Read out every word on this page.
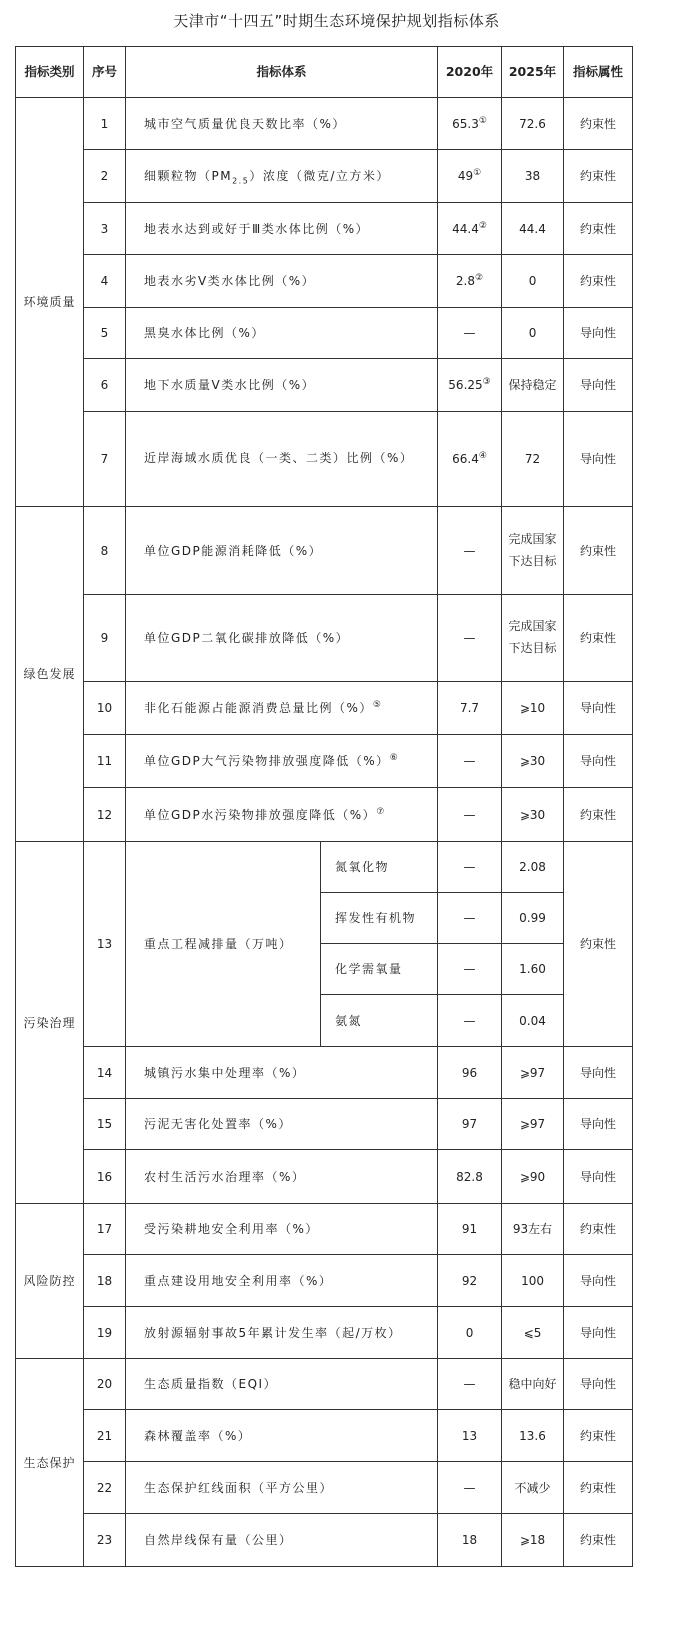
天津市“十四五”时期生态环境保护规划指标体系
指标类别	序号	指标体系		2020年	2025年	指标属性
环境质量	1	城市空气质量优良天数比率（%）		65.3①	72.6	约束性
	2	细颗粒物$(PM_{2.5})$浓度（微克/立方米）		49①	38	约束性
	3	地表水达到或好于Ⅲ类水体比例（%）		44.4②	44.4	约束性
	4	地表水劣V类水体比例（%）		2.8②	0	约束性
	5	黑臭水体比例（%）		—	0	导向性
	6	地下水质量V类水比例（%）		56.25③	保持稳定	导向性
	7	近岸海域水质优良（一类、二类）比例（%）		66.4④	72	导向性
绿色发展	8	单位GDP能源消耗降低（%）		—	完成国家下达目标	约束性
	9	单位GDP二氧化碳排放降低（%）		—	完成国家下达目标	约束性
	10	非化石能源占能源消费总量比例（%）⑤		7.7	⩾10	导向性
	11	单位GDP大气污染物排放强度降低（%）⑥		—	⩾30	导向性
	12	单位GDP水污染物排放强度降低（%）⑦		—	⩾30	约束性
污染治理	13	重点工程减排量（万吨）	氮氧化物	—	2.08	约束性
			挥发性有机物	—	0.99	
			化学需氧量	—	1.60	
			氨氮	—	0.04	
	14	城镇污水集中处理率（%）		96	⩾97	导向性
	15	污泥无害化处置率（%）		97	⩾97	导向性
	16	农村生活污水治理率（%）		82.8	⩾90	导向性
风险防控	17	受污染耕地安全利用率（%）		91	93左右	约束性
	18	重点建设用地安全利用率（%）		92	100	导向性
	19	放射源辐射事故5年累计发生率（起/万枚）		0	⩽5	导向性
生态保护	20	生态质量指数（EQI）		—	稳中向好	导向性
	21	森林覆盖率（%）		13	13.6	约束性
	22	生态保护红线面积（平方公里）		—	不减少	约束性
	23	自然岸线保有量（公里）		18	⩾18	约束性
